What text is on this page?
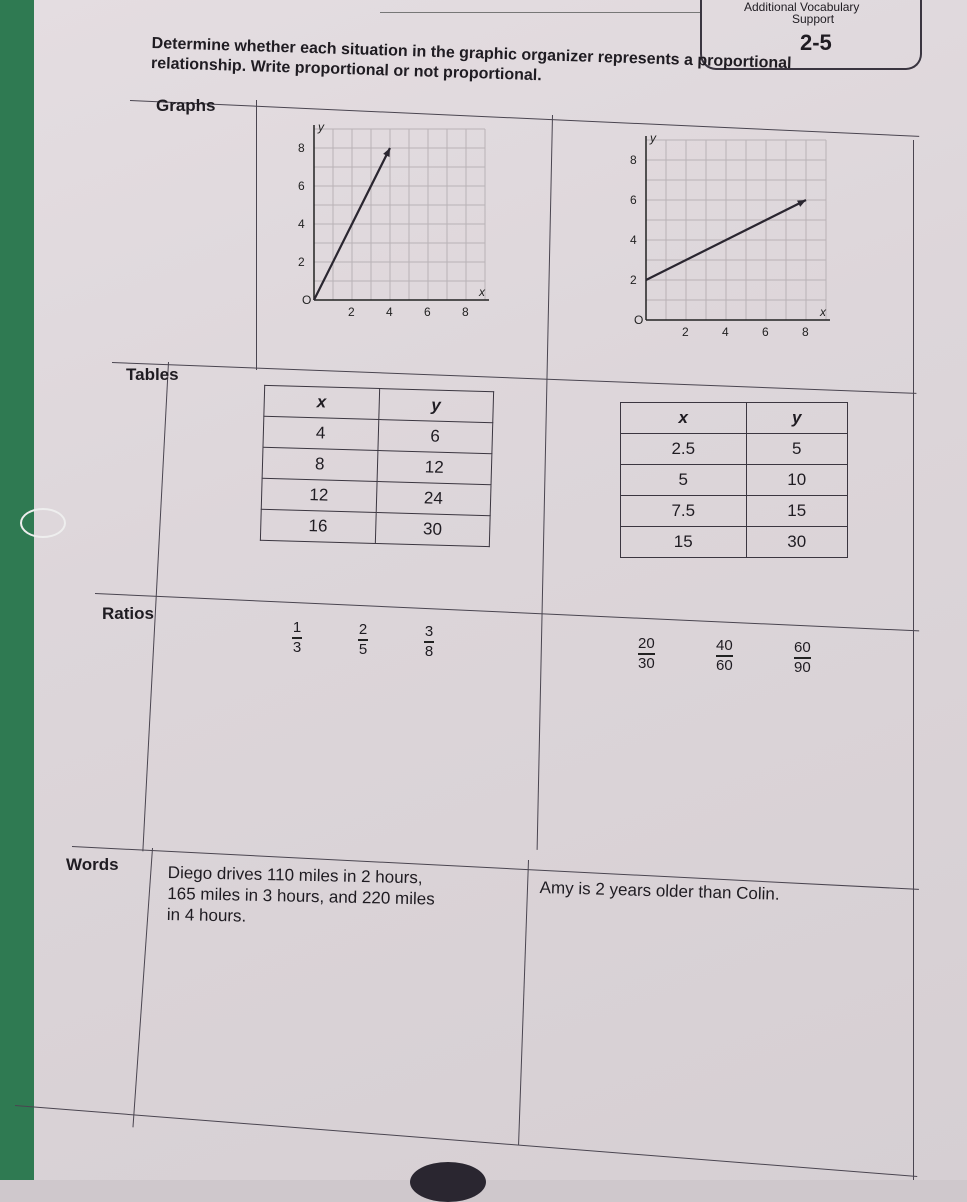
Additional Vocabulary
Support
2-5
Determine whether each situation in the graphic organizer represents a proportional relationship. Write proportional or not proportional.
Graphs
Tables
Ratios
Words
x
y
O
2	4	6	8
2
4
6
8
x
y
O
2	4	6	8
2
4
6
8
x	y
4	6
8	12
12	24
16	30
x	y
2.5	5
5	10
7.5	15
15	30
1
3
2
5
3
8	20
30
40
60
60
90
Diego drives 110 miles in 2 hours,
165 miles in 3 hours, and 220 miles
in 4 hours.
Amy is 2 years older than Colin.
